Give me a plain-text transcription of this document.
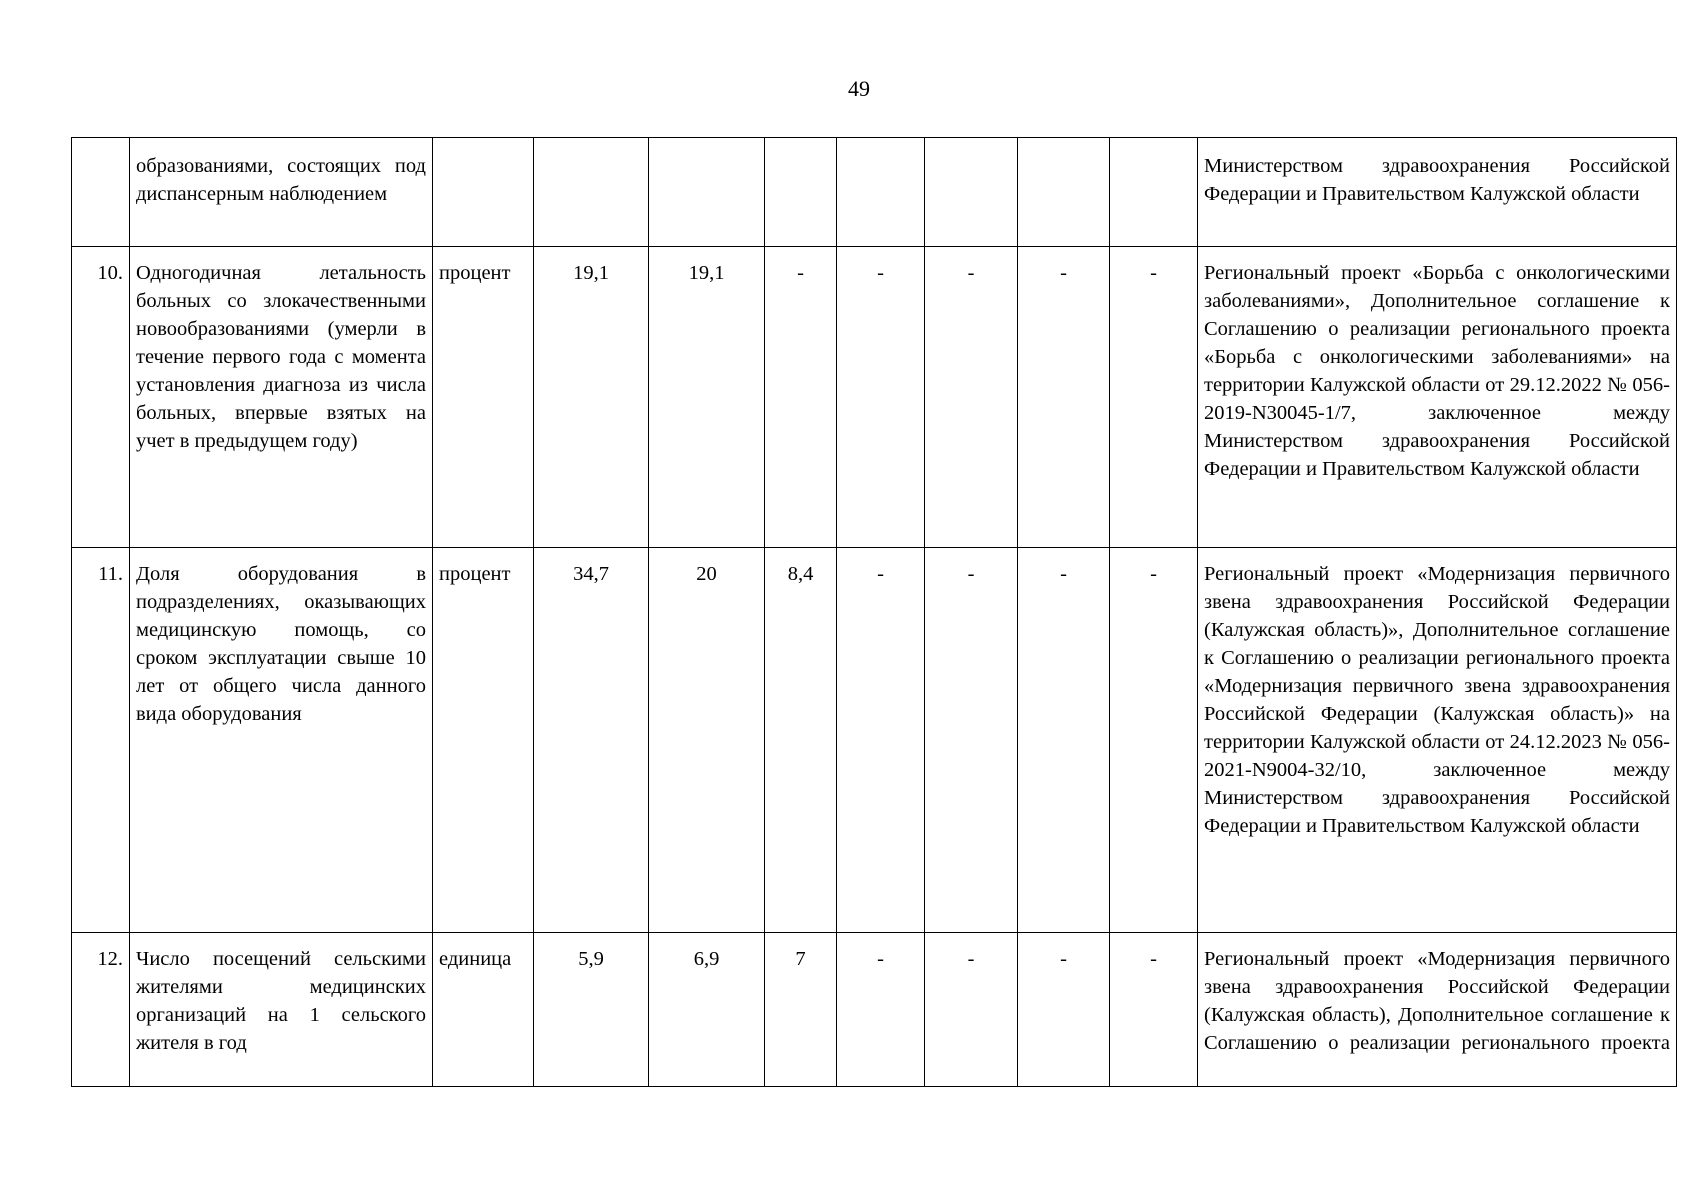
49
	образованиями, состоящих под диспансерным наблюдением									Министерством здравоохранения Российской Федерации и Правительством Калужской области
10.	Одногодичная летальность больных со злокачественными новообразованиями (умерли в течение первого года с момента установления диагноза из числа больных, впервые взятых на учет в предыдущем году)	процент	19,1	19,1	-	-	-	-	-	Региональный проект «Борьба с онкологическими заболеваниями», Дополнительное соглашение к Соглашению о реализации регионального проекта «Борьба с онкологическими заболеваниями» на территории Калужской области от 29.12.2022 № 056-2019-N30045-1/7, заключенное между Министерством здравоохранения Российской Федерации и Правительством Калужской области
11.	Доля оборудования в подразделениях, оказывающих медицинскую помощь, со сроком эксплуатации свыше 10 лет от общего числа данного вида оборудования	процент	34,7	20	8,4	-	-	-	-	Региональный проект «Модернизация первичного звена здравоохранения Российской Федерации (Калужская область)», Дополнительное соглашение к Соглашению о реализации регионального проекта «Модернизация первичного звена здравоохранения Российской Федерации (Калужская область)» на территории Калужской области от 24.12.2023 № 056-2021-N9004-32/10, заключенное между Министерством здравоохранения Российской Федерации и Правительством Калужской области
12.	Число посещений сельскими жителями медицинских организаций на 1 сельского жителя в год	единица	5,9	6,9	7	-	-	-	-	Региональный проект «Модернизация первичного звена здравоохранения Российской Федерации (Калужская область), Дополнительное соглашение к Соглашению о реализации регионального проекта
